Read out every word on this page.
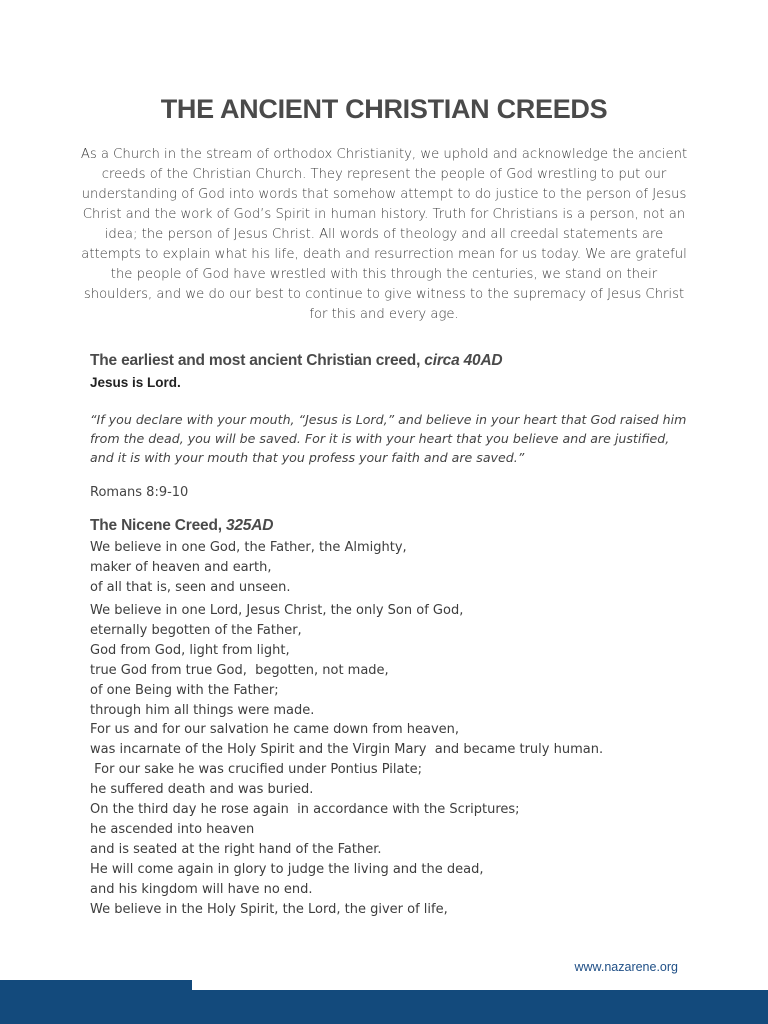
THE ANCIENT CHRISTIAN CREEDS

As a Church in the stream of orthodox Christianity, we uphold and acknowledge the ancient creeds of the Christian Church. They represent the people of God wrestling to put our understanding of God into words that somehow attempt to do justice to the person of Jesus Christ and the work of God’s Spirit in human history. Truth for Christians is a person, not an idea; the person of Jesus Christ. All words of theology and all creedal statements are attempts to explain what his life, death and resurrection mean for us today. We are grateful the people of God have wrestled with this through the centuries, we stand on their shoulders, and we do our best to continue to give witness to the supremacy of Jesus Christ for this and every age.

The earliest and most ancient Christian creed, circa 40AD

Jesus is Lord.

“If you declare with your mouth, “Jesus is Lord,” and believe in your heart that God raised him from the dead, you will be saved. For it is with your heart that you believe and are justified, and it is with your mouth that you profess your faith and are saved.”

Romans 8:9-10

The Nicene Creed, 325AD

We believe in one God, the Father, the Almighty,
maker of heaven and earth,
of all that is, seen and unseen.

We believe in one Lord, Jesus Christ, the only Son of God,
eternally begotten of the Father,
God from God, light from light,
true God from true God,  begotten, not made,
of one Being with the Father;
through him all things were made.
For us and for our salvation he came down from heaven,
was incarnate of the Holy Spirit and the Virgin Mary  and became truly human.
For our sake he was crucified under Pontius Pilate;
he suffered death and was buried.
On the third day he rose again  in accordance with the Scriptures;
he ascended into heaven
and is seated at the right hand of the Father.
He will come again in glory to judge the living and the dead,
and his kingdom will have no end.

We believe in the Holy Spirit, the Lord, the giver of life,

www.nazarene.org
